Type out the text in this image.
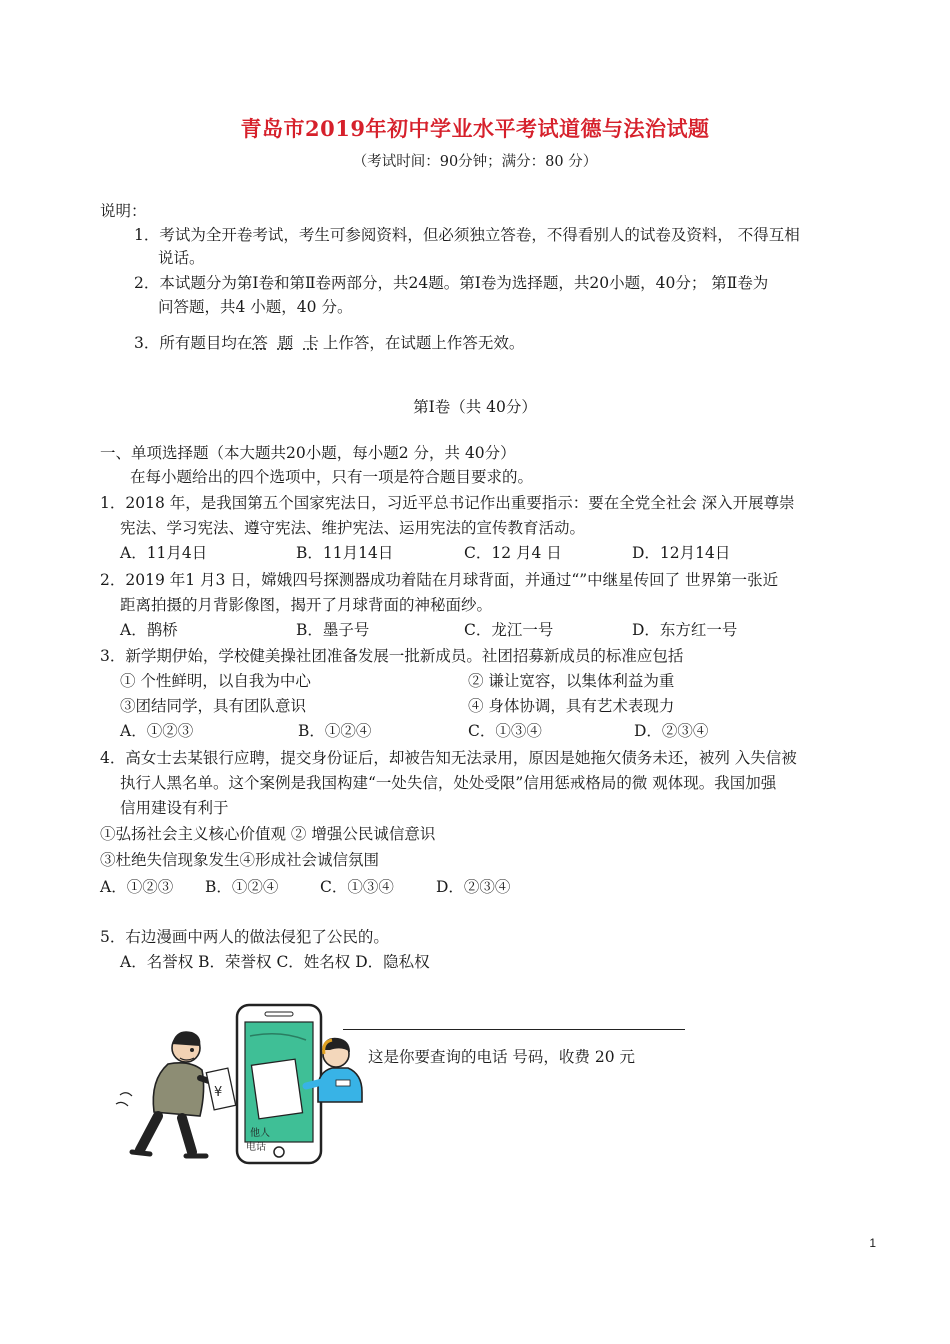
青岛市2019年初中学业水平考试道德与法治试题
（考试时间：90分钟；满分：80 分）
说明：
1．考试为全开卷考试，考生可参阅资料，但必须独立答卷，不得看别人的试卷及资料， 不得互相
说话。
2．本试题分为第Ⅰ卷和第Ⅱ卷两部分，共24题。第Ⅰ卷为选择题，共20小题，40分； 第Ⅱ卷为
问答题，共4 小题，40 分。
3．所有题目均在答 题 卡 上作答，在试题上作答无效。
第Ⅰ卷（共 40分）
一、单项选择题（本大题共20小题，每小题2 分，共 40分）
在每小题给出的四个选项中，只有一项是符合题目要求的。
1．2018 年，是我国第五个国家宪法日，习近平总书记作出重要指示：要在全党全社会 深入开展尊崇
宪法、学习宪法、遵守宪法、维护宪法、运用宪法的宣传教育活动。
A．11月4日	B．11月14日	C．12 月4 日	D．12月14日
2．2019 年1 月3 日，嫦娥四号探测器成功着陆在月球背面，并通过“”中继星传回了 世界第一张近
距离拍摄的月背影像图，揭开了月球背面的神秘面纱。
A．鹊桥	B．墨子号	C．龙江一号	D．东方红一号
3．新学期伊始，学校健美操社团准备发展一批新成员。社团招募新成员的标准应包括
① 个性鲜明，以自我为中心	② 谦让宽容，以集体利益为重
③团结同学，具有团队意识	④ 身体协调，具有艺术表现力
A．①②③	B．①②④	C．①③④	D．②③④
4．高女士去某银行应聘，提交身份证后，却被告知无法录用，原因是她拖欠债务未还，被列 入失信被
执行人黑名单。这个案例是我国构建“一处失信，处处受限”信用惩戒格局的微 观体现。我国加强
信用建设有利于
①弘扬社会主义核心价值观 ② 增强公民诚信意识
③杜绝失信现象发生④形成社会诚信氛围
A．①②③ B．①②④	C．①③④	D．②③④
5．右边漫画中两人的做法侵犯了公民的。
A．名誉权 B．荣誉权 C．姓名权 D．隐私权
这是你要查询的电话 号码，收费 20 元
他人
电话
¥
1
